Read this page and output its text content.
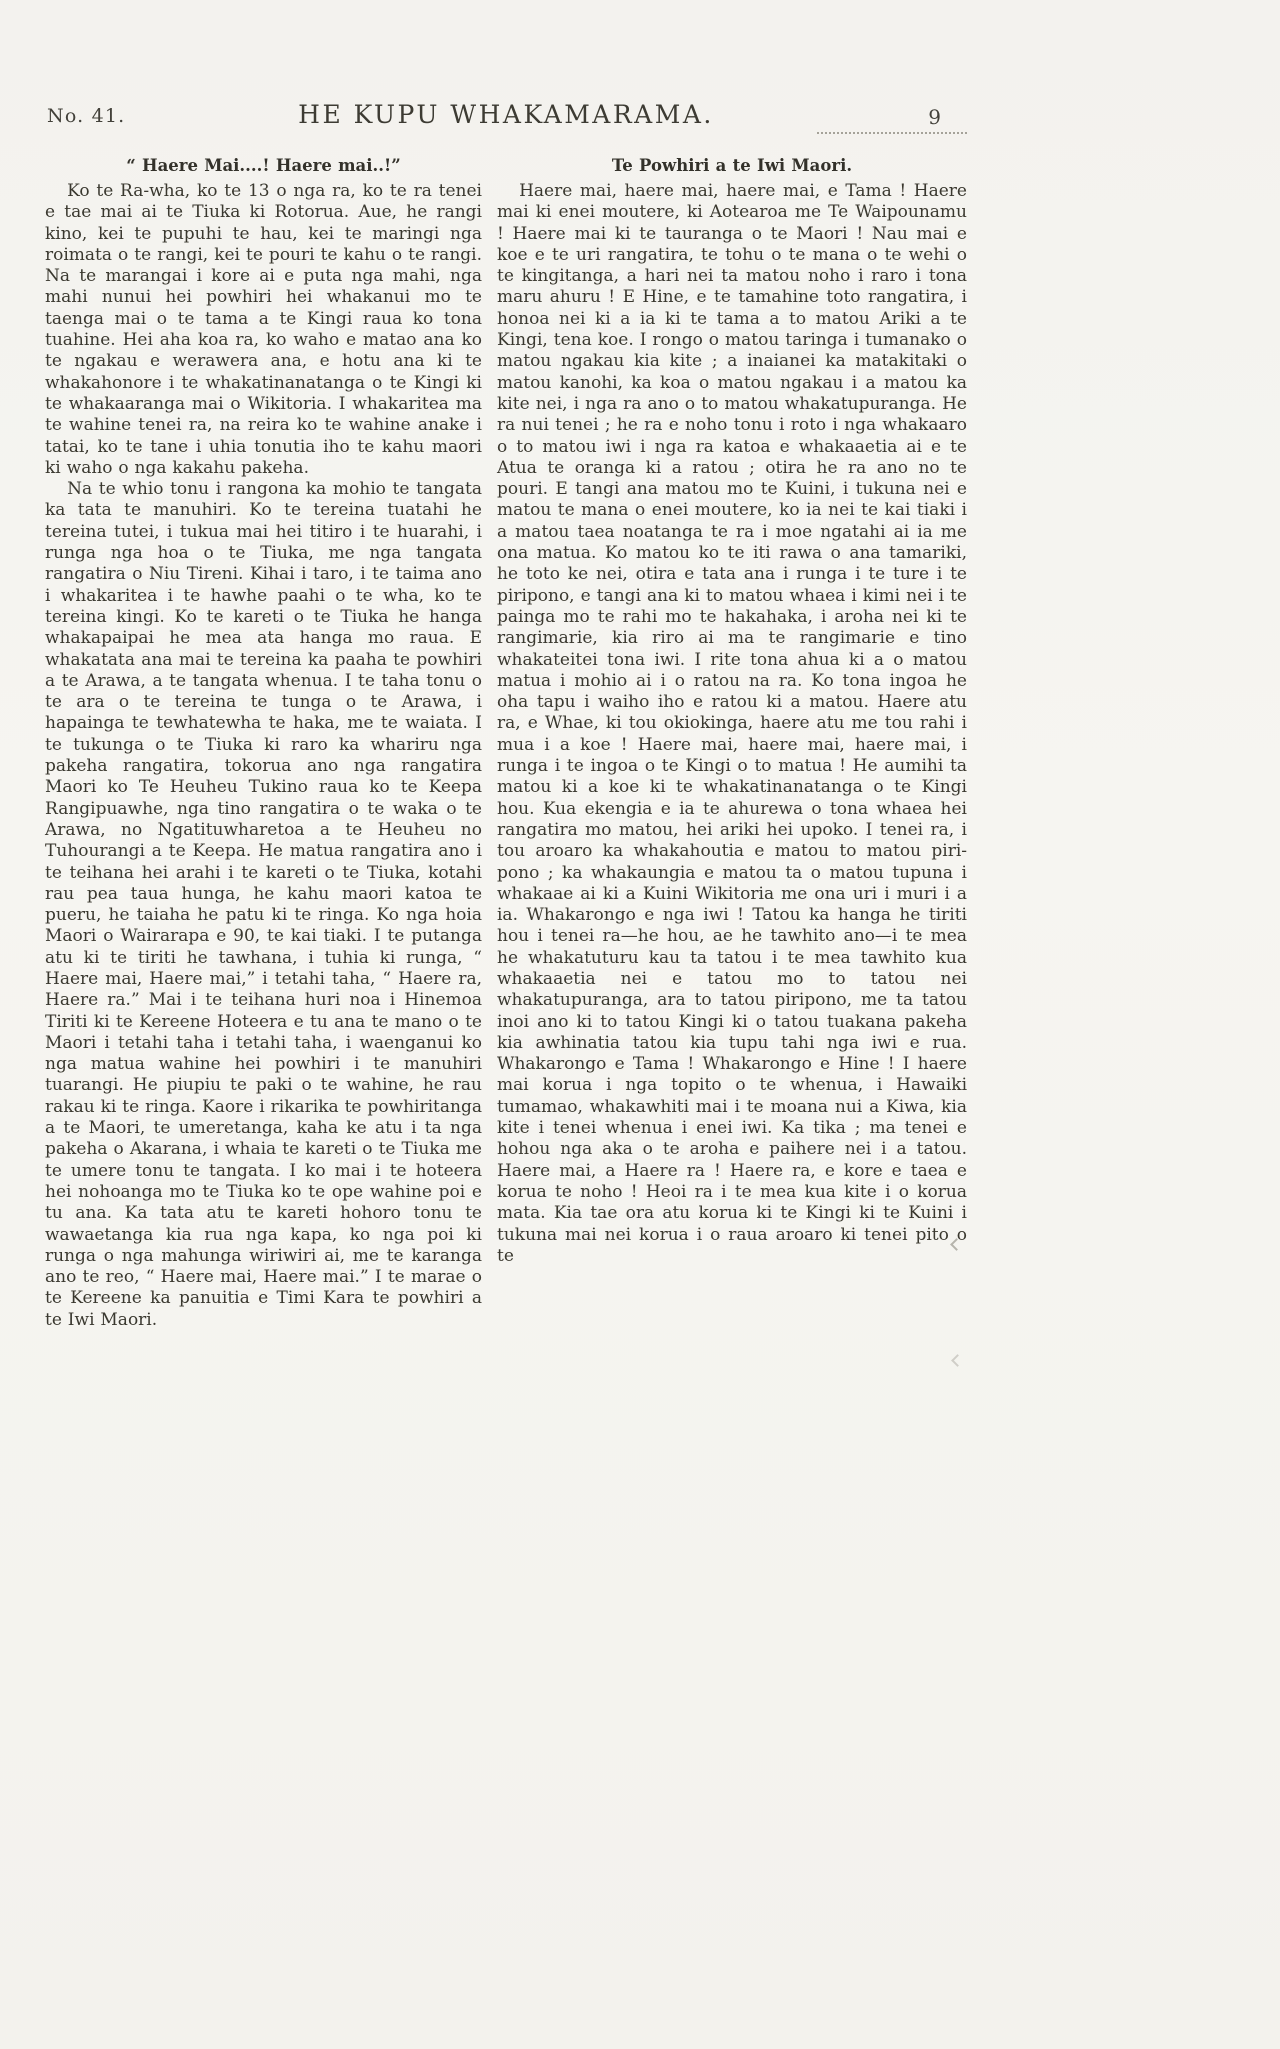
No. 41.	HE KUPU WHAKAMARAMA.	9
“ Haere Mai....! Haere mai..!”

Ko te Ra-wha, ko te 13 o nga ra, ko te ra tenei e tae mai ai te Tiuka ki Rotorua. Aue, he rangi kino, kei te pupuhi te hau, kei te maringi nga roimata o te rangi, kei te pouri te kahu o te rangi. Na te marangai i kore ai e puta nga mahi, nga mahi nunui hei powhiri hei whakanui mo te taenga mai o te tama a te Kingi raua ko tona tuahine. Hei aha koa ra, ko waho e matao ana ko te ngakau e werawera ana, e hotu ana ki te whakahonore i te whakatinanatanga o te Kingi ki te whakaaranga mai o Wikitoria. I whakaritea ma te wahine tenei ra, na reira ko te wahine anake i tatai, ko te tane i uhia tonutia iho te kahu maori ki waho o nga kakahu pakeha.

Na te whio tonu i rangona ka mohio te tangata ka tata te manuhiri. Ko te tereina tuatahi he tereina tutei, i tukua mai hei titiro i te huarahi, i runga nga hoa o te Tiuka, me nga tangata rangatira o Niu Tireni. Kihai i taro, i te taima ano i whakaritea i te hawhe paahi o te wha, ko te tereina kingi. Ko te kareti o te Tiuka he hanga whakapaipai he mea ata hanga mo raua. E whakatata ana mai te tereina ka paaha te powhiri a te Arawa, a te tangata whenua. I te taha tonu o te ara o te tereina te tunga o te Arawa, i hapainga te tewhatewha te haka, me te waiata. I te tukunga o te Tiuka ki raro ka whariru nga pakeha rangatira, tokorua ano nga rangatira Maori ko Te Heuheu Tukino raua ko te Keepa Rangipuawhe, nga tino rangatira o te waka o te Arawa, no Ngatituwharetoa a te Heuheu no Tuhourangi a te Keepa. He matua rangatira ano i te teihana hei arahi i te kareti o te Tiuka, kotahi rau pea taua hunga, he kahu maori katoa te pueru, he taiaha he patu ki te ringa. Ko nga hoia Maori o Wairarapa e 90, te kai tiaki. I te putanga atu ki te tiriti he tawhana, i tuhia ki runga, “ Haere mai, Haere mai,” i tetahi taha, “ Haere ra, Haere ra.” Mai i te teihana huri noa i Hinemoa Tiriti ki te Kereene Hoteera e tu ana te mano o te Maori i tetahi taha i tetahi taha, i waenganui ko nga matua wahine hei powhiri i te manuhiri tuarangi. He piupiu te paki o te wahine, he rau rakau ki te ringa. Kaore i rikarika te powhiritanga a te Maori, te umeretanga, kaha ke atu i ta nga pakeha o Akarana, i whaia te kareti o te Tiuka me te umere tonu te tangata. I ko mai i te hoteera hei nohoanga mo te Tiuka ko te ope wahine poi e tu ana. Ka tata atu te kareti hohoro tonu te wawaetanga kia rua nga kapa, ko nga poi ki runga o nga mahunga wiriwiri ai, me te karanga ano te reo, “ Haere mai, Haere mai.” I te marae o te Kereene ka panuitia e Timi Kara te powhiri a te Iwi Maori.

Te Powhiri a te Iwi Maori.

Haere mai, haere mai, haere mai, e Tama ! Haere mai ki enei moutere, ki Aotearoa me Te Waipounamu ! Haere mai ki te tauranga o te Maori ! Nau mai e koe e te uri rangatira, te tohu o te mana o te wehi o te kingitanga, a hari nei ta matou noho i raro i tona maru ahuru ! E Hine, e te tamahine toto rangatira, i honoa nei ki a ia ki te tama a to matou Ariki a te Kingi, tena koe. I rongo o matou taringa i tumanako o matou ngakau kia kite ; a inaianei ka matakitaki o matou kanohi, ka koa o matou ngakau i a matou ka kite nei, i nga ra ano o to matou whakatupuranga. He ra nui tenei ; he ra e noho tonu i roto i nga whakaaro o to matou iwi i nga ra katoa e whakaaetia ai e te Atua te oranga ki a ratou ; otira he ra ano no te pouri. E tangi ana matou mo te Kuini, i tukuna nei e matou te mana o enei moutere, ko ia nei te kai tiaki i a matou taea noatanga te ra i moe ngatahi ai ia me ona matua. Ko matou ko te iti rawa o ana tamariki, he toto ke nei, otira e tata ana i runga i te ture i te piripono, e tangi ana ki to matou whaea i kimi nei i te painga mo te rahi mo te hakahaka, i aroha nei ki te rangimarie, kia riro ai ma te rangimarie e tino whakateitei tona iwi. I rite tona ahua ki a o matou matua i mohio ai i o ratou na ra. Ko tona ingoa he oha tapu i waiho iho e ratou ki a matou. Haere atu ra, e Whae, ki tou okiokinga, haere atu me tou rahi i mua i a koe ! Haere mai, haere mai, haere mai, i runga i te ingoa o te Kingi o to matua ! He aumihi ta matou ki a koe ki te whakatinanatanga o te Kingi hou. Kua ekengia e ia te ahurewa o tona whaea hei rangatira mo matou, hei ariki hei upoko. I tenei ra, i tou aroaro ka whakahoutia e matou to matou piri-pono ; ka whakaungia e matou ta o matou tupuna i whakaae ai ki a Kuini Wikitoria me ona uri i muri i a ia. Whakarongo e nga iwi ! Tatou ka hanga he tiriti hou i tenei ra—he hou, ae he tawhito ano—i te mea he whakatuturu kau ta tatou i te mea tawhito kua whakaaetia nei e tatou mo to tatou nei whakatupuranga, ara to tatou piripono, me ta tatou inoi ano ki to tatou Kingi ki o tatou tuakana pakeha kia awhinatia tatou kia tupu tahi nga iwi e rua. Whakarongo e Tama ! Whakarongo e Hine ! I haere mai korua i nga topito o te whenua, i Hawaiki tumamao, whakawhiti mai i te moana nui a Kiwa, kia kite i tenei whenua i enei iwi. Ka tika ; ma tenei e hohou nga aka o te aroha e paihere nei i a tatou. Haere mai, a Haere ra ! Haere ra, e kore e taea e korua te noho ! Heoi ra i te mea kua kite i o korua mata. Kia tae ora atu korua ki te Kingi ki te Kuini i tukuna mai nei korua i o raua aroaro ki tenei pito o te
